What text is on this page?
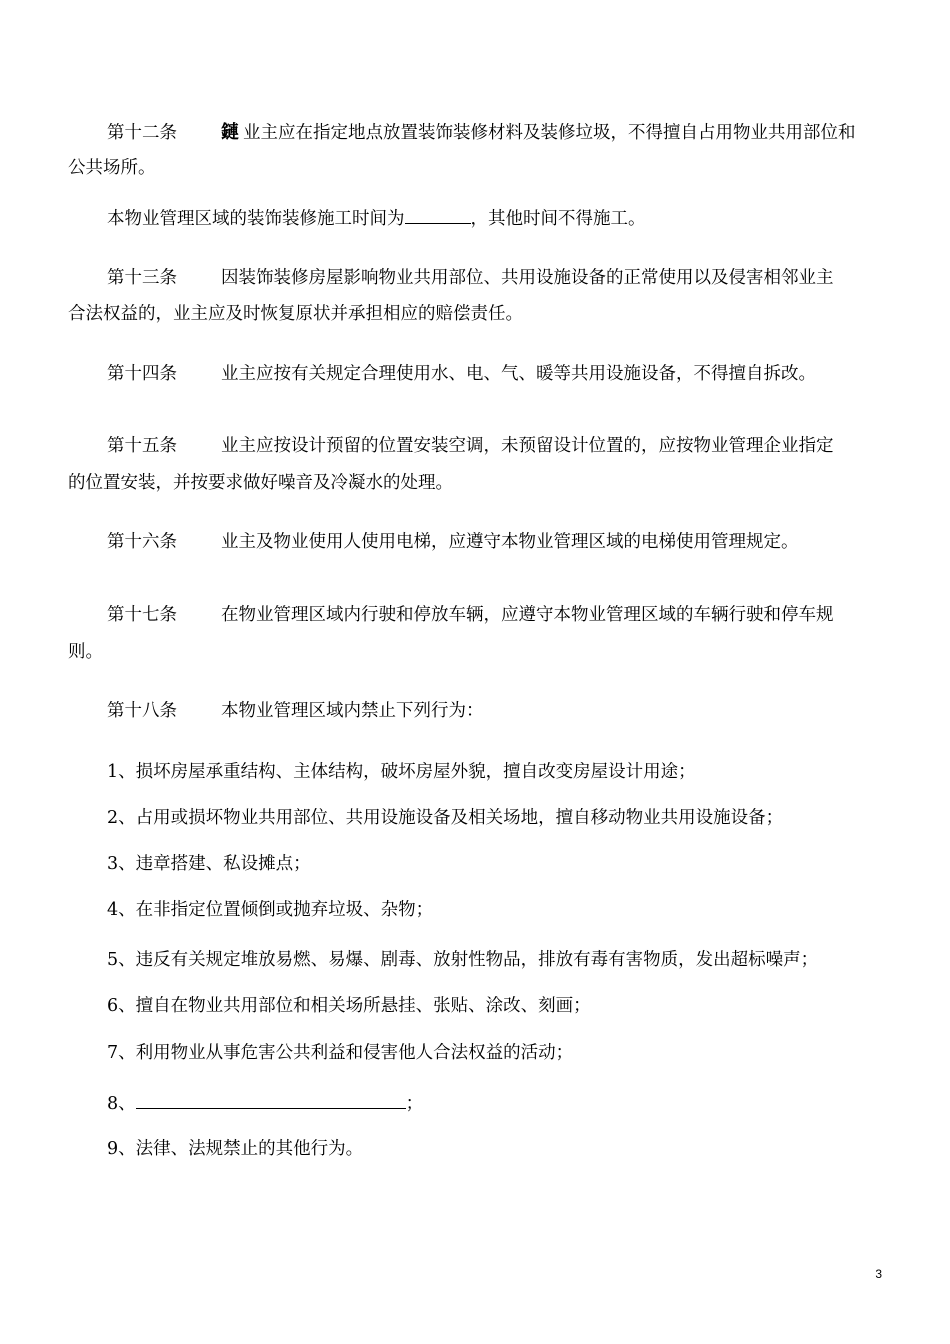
第十二条 鏈 业主应在指定地点放置装饰装修材料及装修垃圾，不得擅自占用物业共用部位和
公共场所。
本物业管理区域的装饰装修施工时间为	，其他时间不得施工。
第十三条	因装饰装修房屋影响物业共用部位、共用设施设备的正常使用以及侵害相邻业主
合法权益的，业主应及时恢复原状并承担相应的赔偿责任。
第十四条	业主应按有关规定合理使用水、电、气、暖等共用设施设备，不得擅自拆改。
第十五条	业主应按设计预留的位置安装空调，未预留设计位置的，应按物业管理企业指定
的位置安装，并按要求做好噪音及冷凝水的处理。
第十六条	业主及物业使用人使用电梯，应遵守本物业管理区域的电梯使用管理规定。
第十七条	在物业管理区域内行驶和停放车辆，应遵守本物业管理区域的车辆行驶和停车规
则。
第十八条	本物业管理区域内禁止下列行为：
1、损坏房屋承重结构、主体结构，破坏房屋外貌，擅自改变房屋设计用途；
2、占用或损坏物业共用部位、共用设施设备及相关场地，擅自移动物业共用设施设备；
3、违章搭建、私设摊点；
4、在非指定位置倾倒或抛弃垃圾、杂物；
5、违反有关规定堆放易燃、易爆、剧毒、放射性物品，排放有毒有害物质，发出超标噪声；
6、擅自在物业共用部位和相关场所悬挂、张贴、涂改、刻画；
7、利用物业从事危害公共利益和侵害他人合法权益的活动；
8、	；
9、法律、法规禁止的其他行为。
3
